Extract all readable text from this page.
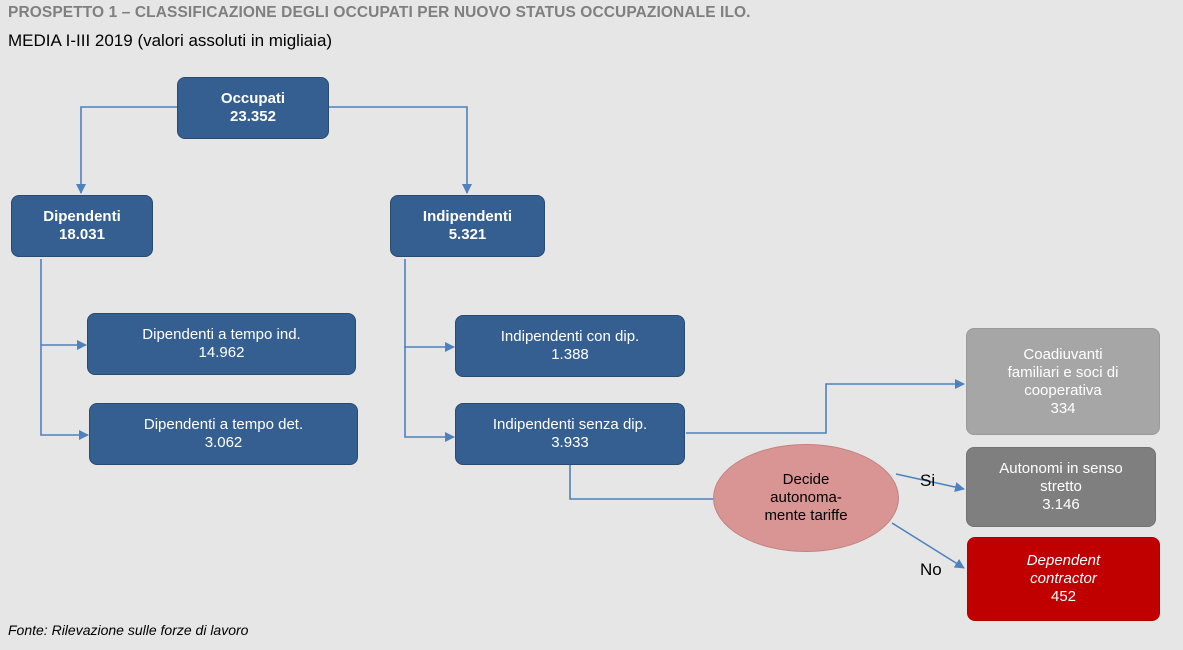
PROSPETTO 1 – CLASSIFICAZIONE DEGLI OCCUPATI PER NUOVO STATUS OCCUPAZIONALE ILO.
MEDIA I-III 2019 (valori assoluti in migliaia)
Occupati
23.352
Dipendenti
18.031
Indipendenti
5.321
Dipendenti a tempo ind.
14.962
Dipendenti a tempo det.
3.062
Indipendenti con dip.
1.388
Indipendenti senza dip.
3.933
Coadiuvanti
familiari e soci di
cooperativa
334
Autonomi in senso
stretto
3.146
Dependent
contractor
452
Decide
autonoma-
mente tariffe
Si
No
Fonte: Rilevazione sulle forze di lavoro
